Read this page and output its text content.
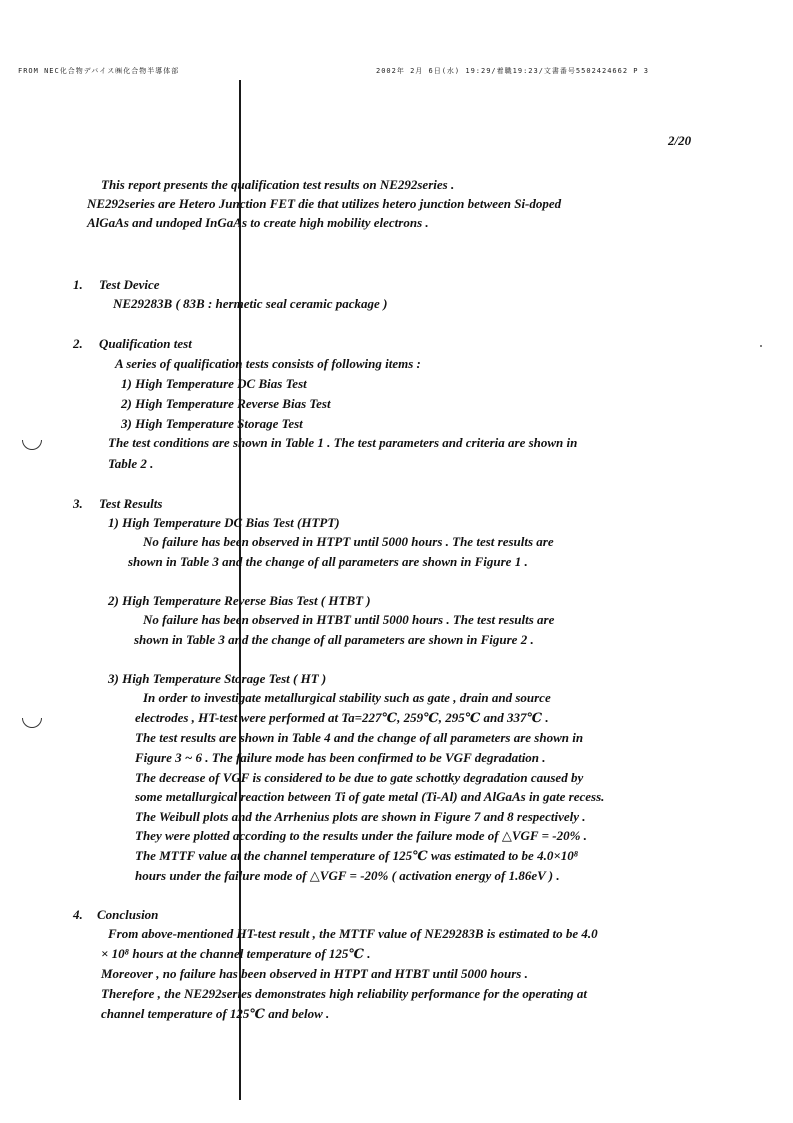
FROM NEC化合物デバイス㈱化合物半導体部	2002年 2月 6日(水) 19:29/着職19:23/文書番号5502424662 P 3
2/20
This report presents the qualification test results on NE292series .
NE292series are Hetero Junction FET die that utilizes hetero junction between Si-doped
AlGaAs and undoped InGaAs to create high mobility electrons .
1. Test Device
NE29283B ( 83B : hermetic seal ceramic package )
2. Qualification test
A series of qualification tests consists of following items :
1) High Temperature DC Bias Test
2) High Temperature Reverse Bias Test
3) High Temperature Storage Test
The test conditions are shown in Table 1 . The test parameters and criteria are shown in
Table 2 .
3. Test Results
1) High Temperature DC Bias Test (HTPT)
No failure has been observed in HTPT until 5000 hours . The test results are
shown in Table 3 and the change of all parameters are shown in Figure 1 .
2) High Temperature Reverse Bias Test ( HTBT )
No failure has been observed in HTBT until 5000 hours . The test results are
shown in Table 3 and the change of all parameters are shown in Figure 2 .
3) High Temperature Storage Test ( HT )
In order to investigate metallurgical stability such as gate , drain and source
electrodes , HT-test were performed at Ta=227℃, 259℃, 295℃ and 337℃ .
The test results are shown in Table 4 and the change of all parameters are shown in
Figure 3 ~ 6 . The failure mode has been confirmed to be VGF degradation .
The decrease of VGF is considered to be due to gate schottky degradation caused by
some metallurgical reaction between Ti of gate metal (Ti-Al) and AlGaAs in gate recess.
The Weibull plots and the Arrhenius plots are shown in Figure 7 and 8 respectively .
They were plotted according to the results under the failure mode of △VGF = -20% .
The MTTF value at the channel temperature of 125℃ was estimated to be 4.0×10⁸
hours under the failure mode of △VGF = -20% ( activation energy of 1.86eV ) .
4. Conclusion
From above-mentioned HT-test result , the MTTF value of NE29283B is estimated to be 4.0
× 10⁸ hours at the channel temperature of 125℃ .
Moreover , no failure has been observed in HTPT and HTBT until 5000 hours .
Therefore , the NE292series demonstrates high reliability performance for the operating at
channel temperature of 125℃ and below .
